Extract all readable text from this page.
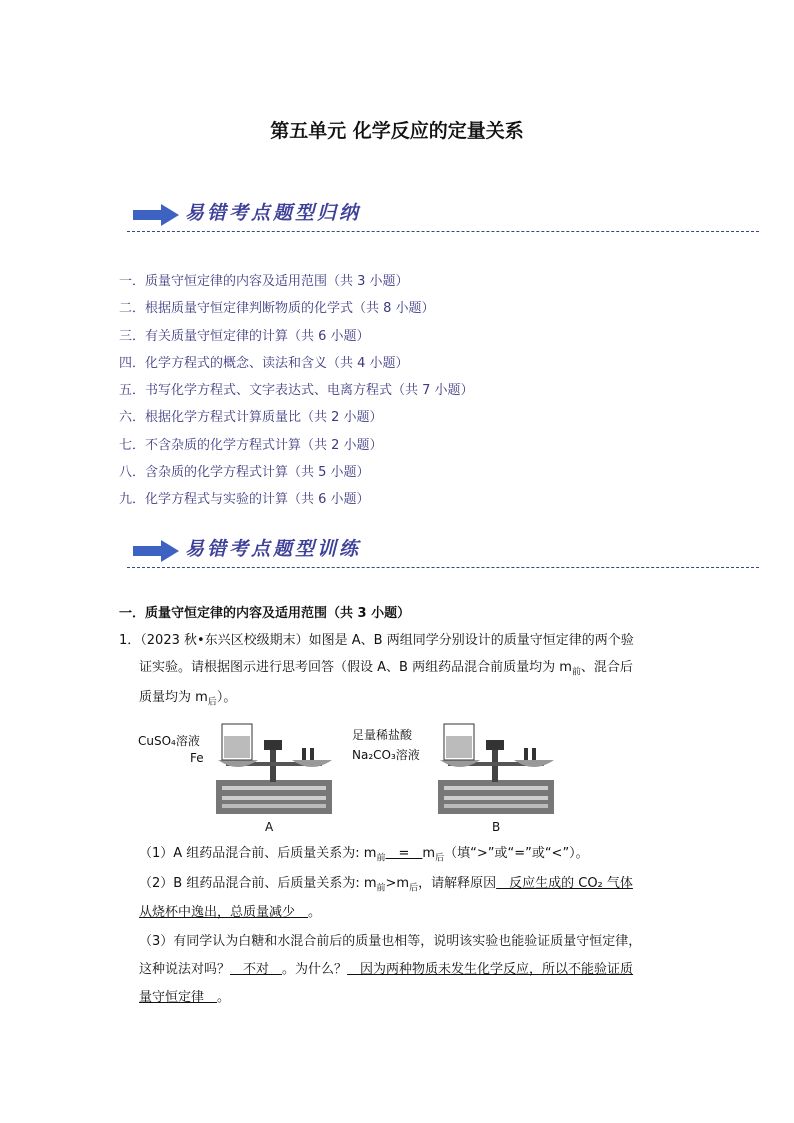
第五单元 化学反应的定量关系
易错考点题型归纳
一．质量守恒定律的内容及适用范围（共 3 小题）
二．根据质量守恒定律判断物质的化学式（共 8 小题）
三．有关质量守恒定律的计算（共 6 小题）
四．化学方程式的概念、读法和含义（共 4 小题）
五．书写化学方程式、文字表达式、电离方程式（共 7 小题）
六．根据化学方程式计算质量比（共 2 小题）
七．不含杂质的化学方程式计算（共 2 小题）
八．含杂质的化学方程式计算（共 5 小题）
九．化学方程式与实验的计算（共 6 小题）
易错考点题型训练
一．质量守恒定律的内容及适用范围（共 3 小题）
1．（2023 秋•东兴区校级期末）如图是 A、B 两组同学分别设计的质量守恒定律的两个验
证实验。请根据图示进行思考回答（假设 A、B 两组药品混合前质量均为 $m_前$、混合后
质量均为 $m_后$）。
CuSO₄溶液
Fe
A
足量稀盐酸
Na₂CO₃溶液
B
（1）A 组药品混合前、后质量关系为: $m_前$　=　$m_后$（填“>”或“=”或“<”）。
（2）B 组药品混合前、后质量关系为: $m_前>m_后$，请解释原因　反应生成的 CO₂ 气体
从烧杯中逸出，总质量减少　。
（3）有同学认为白糖和水混合前后的质量也相等，说明该实验也能验证质量守恒定律，
这种说法对吗？　不对　。为什么？　因为两种物质未发生化学反应，所以不能验证质
量守恒定律　。
